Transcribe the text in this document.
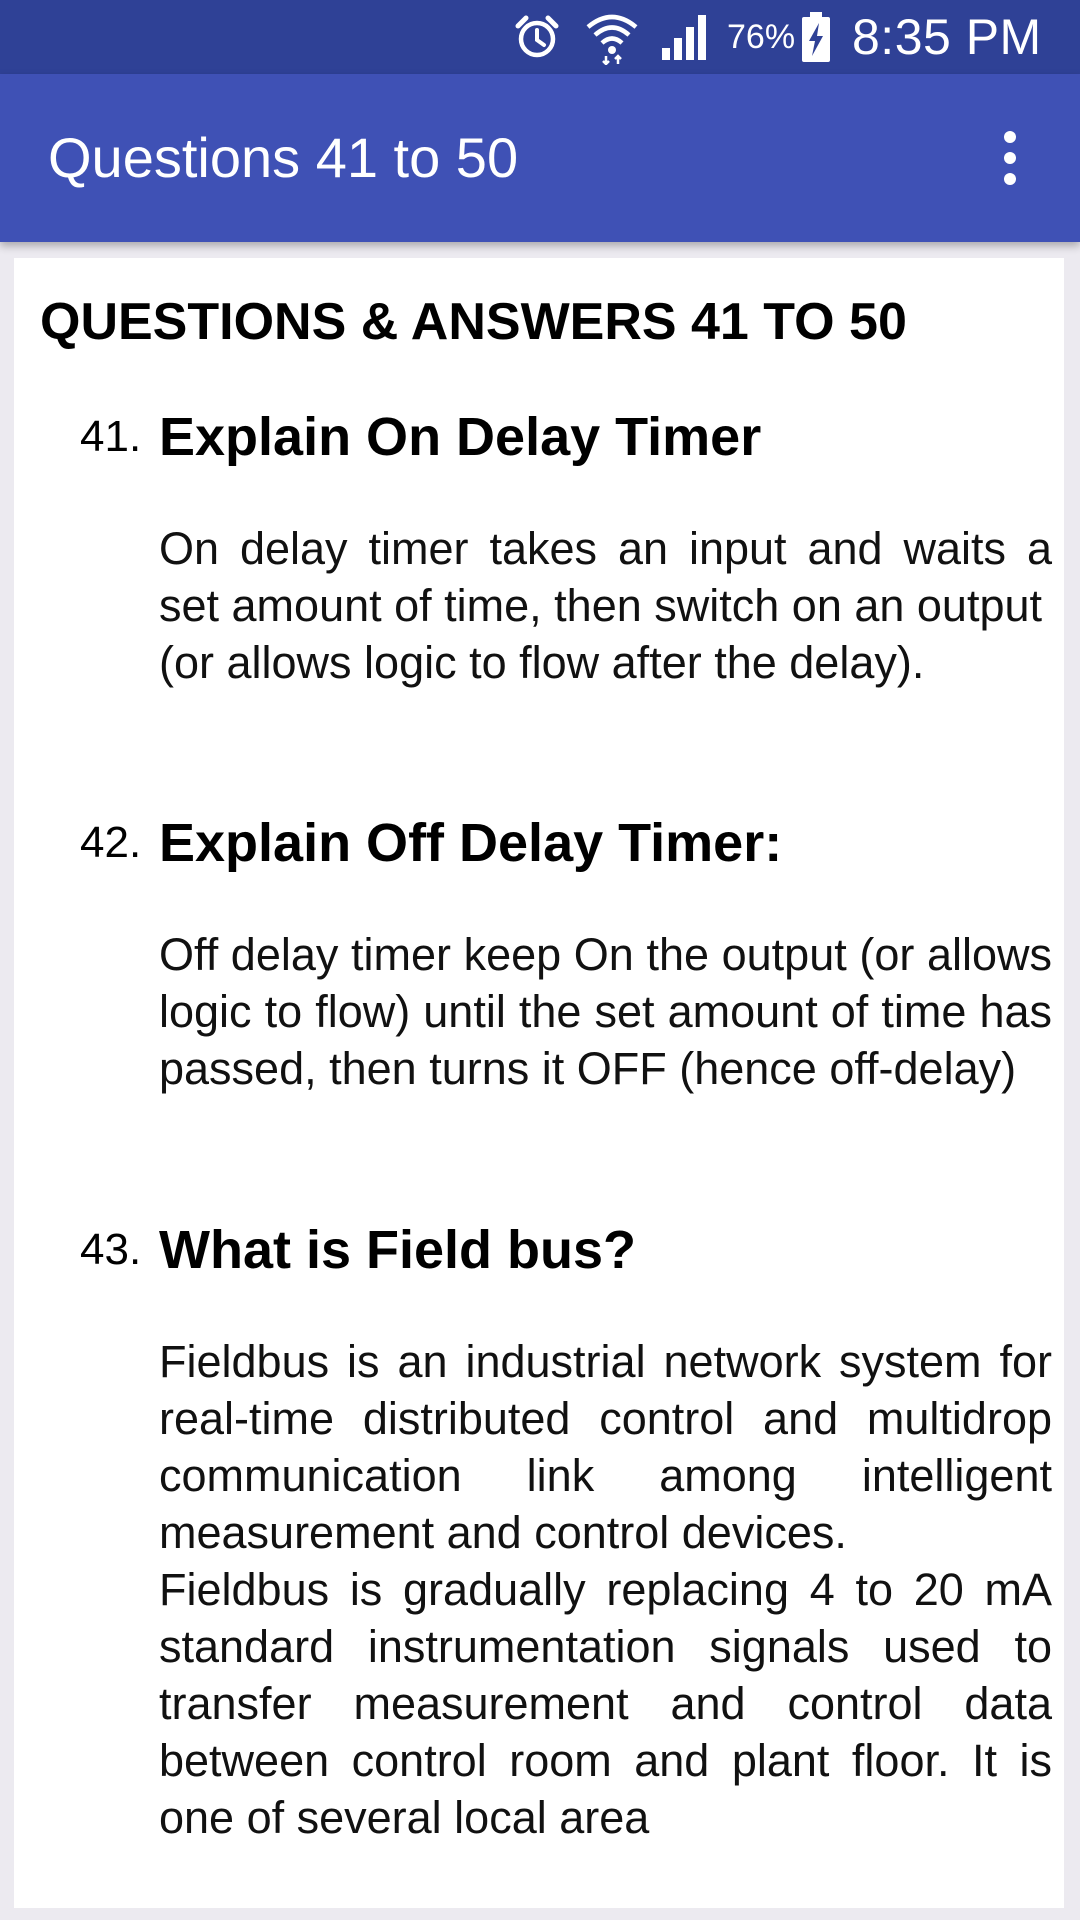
76% 8:35 PM
Questions 41 to 50
QUESTIONS & ANSWERS 41 TO 50
41. Explain On Delay Timer

On delay timer takes an input and waits a set amount of time, then switch on an output

(or allows logic to flow after the delay).

42. Explain Off Delay Timer:

Off delay timer keep On the output (or allows logic to flow) until the set amount of time has passed, then turns it OFF (hence off-delay)

43. What is Field bus?

Fieldbus is an industrial network system for real-time distributed control and multidrop communication link among intelligent measurement and control devices.

Fieldbus is gradually replacing 4 to 20 mA standard instrumentation signals used to transfer measurement and control data between control room and plant floor. It is one of several local area
